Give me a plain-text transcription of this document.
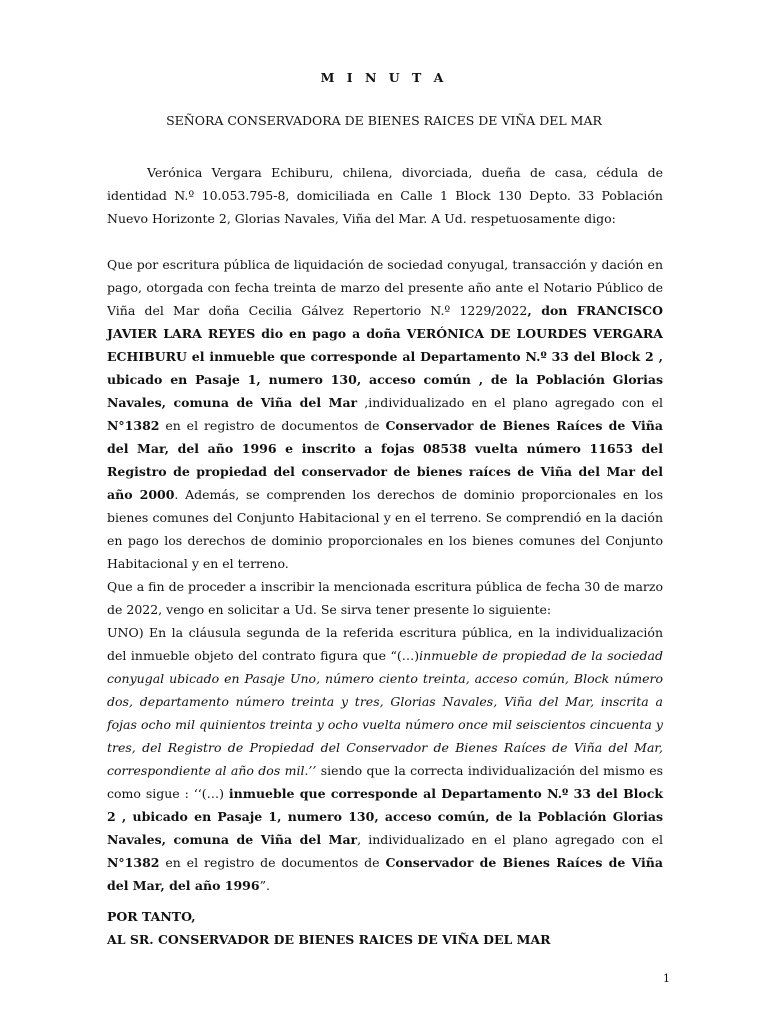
M I N U T A

SEÑORA CONSERVADORA DE BIENES RAICES DE VIÑA DEL MAR

Verónica Vergara Echiburu, chilena, divorciada, dueña de casa, cédula de identidad N.º 10.053.795-8, domiciliada en Calle 1 Block 130 Depto. 33 Población Nuevo Horizonte 2, Glorias Navales, Viña del Mar. A Ud. respetuosamente digo:

Que por escritura pública de liquidación de sociedad conyugal, transacción y dación en pago, otorgada con fecha treinta de marzo del presente año ante el Notario Público de Viña del Mar doña Cecilia Gálvez Repertorio N.º 1229/2022, don FRANCISCO JAVIER LARA REYES dio en pago a doña VERÓNICA DE LOURDES VERGARA ECHIBURU el inmueble que corresponde al Departamento N.º 33 del Block 2 , ubicado en Pasaje 1, numero 130, acceso común , de la Población Glorias Navales, comuna de Viña del Mar ,individualizado en el plano agregado con el N°1382 en el registro de documentos de Conservador de Bienes Raíces de Viña del Mar, del año 1996 e inscrito a fojas 08538 vuelta número 11653 del Registro de propiedad del conservador de bienes raíces de Viña del Mar del año 2000. Además, se comprenden los derechos de dominio proporcionales en los bienes comunes del Conjunto Habitacional y en el terreno. Se comprendió en la dación en pago los derechos de dominio proporcionales en los bienes comunes del Conjunto Habitacional y en el terreno.

Que a fin de proceder a inscribir la mencionada escritura pública de fecha 30 de marzo de 2022, vengo en solicitar a Ud. Se sirva tener presente lo siguiente:

UNO) En la cláusula segunda de la referida escritura pública, en la individualización del inmueble objeto del contrato figura que “(…)inmueble de propiedad de la sociedad conyugal ubicado en Pasaje Uno, número ciento treinta, acceso común, Block número dos, departamento número treinta y tres, Glorias Navales, Viña del Mar, inscrita a fojas ocho mil quinientos treinta y ocho vuelta número once mil seiscientos cincuenta y tres, del Registro de Propiedad del Conservador de Bienes Raíces de Viña del Mar, correspondiente al año dos mil.’’ siendo que la correcta individualización del mismo es como sigue : ‘‘(…) inmueble que corresponde al Departamento N.º 33 del Block 2 , ubicado en Pasaje 1, numero 130, acceso común, de la Población Glorias Navales, comuna de Viña del Mar, individualizado en el plano agregado con el N°1382 en el registro de documentos de Conservador de Bienes Raíces de Viña del Mar, del año 1996”.

POR TANTO,

AL SR. CONSERVADOR DE BIENES RAICES DE VIÑA DEL MAR

1
